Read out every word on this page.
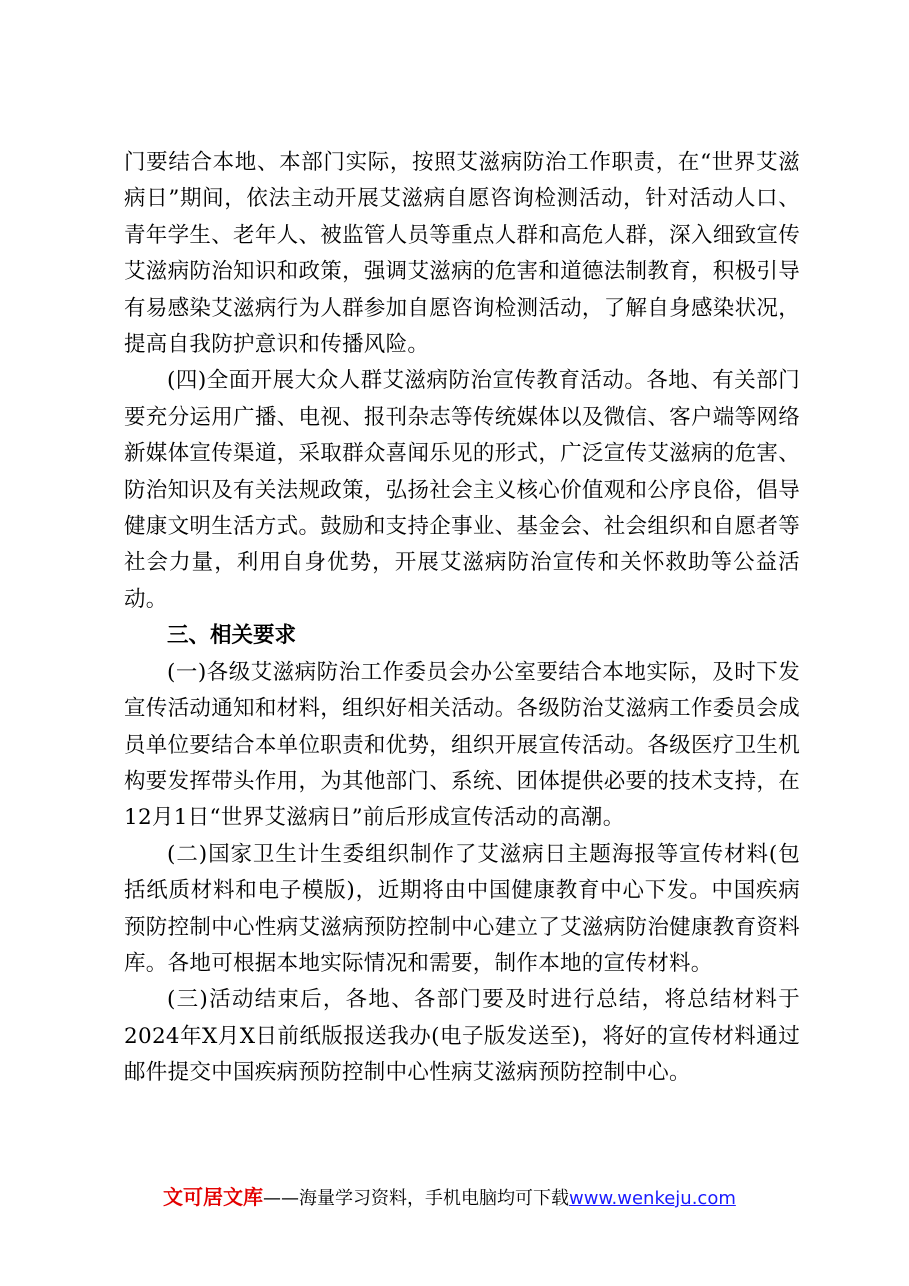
门要结合本地、本部门实际，按照艾滋病防治工作职责，在“世界艾滋病日”期间，依法主动开展艾滋病自愿咨询检测活动，针对活动人口、青年学生、老年人、被监管人员等重点人群和高危人群，深入细致宣传艾滋病防治知识和政策，强调艾滋病的危害和道德法制教育，积极引导有易感染艾滋病行为人群参加自愿咨询检测活动，了解自身感染状况，提高自我防护意识和传播风险。

(四)全面开展大众人群艾滋病防治宣传教育活动。各地、有关部门要充分运用广播、电视、报刊杂志等传统媒体以及微信、客户端等网络新媒体宣传渠道，采取群众喜闻乐见的形式，广泛宣传艾滋病的危害、防治知识及有关法规政策，弘扬社会主义核心价值观和公序良俗，倡导健康文明生活方式。鼓励和支持企事业、基金会、社会组织和自愿者等社会力量，利用自身优势，开展艾滋病防治宣传和关怀救助等公益活动。

三、相关要求

(一)各级艾滋病防治工作委员会办公室要结合本地实际，及时下发宣传活动通知和材料，组织好相关活动。各级防治艾滋病工作委员会成员单位要结合本单位职责和优势，组织开展宣传活动。各级医疗卫生机构要发挥带头作用，为其他部门、系统、团体提供必要的技术支持，在12月1日“世界艾滋病日”前后形成宣传活动的高潮。

(二)国家卫生计生委组织制作了艾滋病日主题海报等宣传材料(包括纸质材料和电子模版)，近期将由中国健康教育中心下发。中国疾病预防控制中心性病艾滋病预防控制中心建立了艾滋病防治健康教育资料库。各地可根据本地实际情况和需要，制作本地的宣传材料。

(三)活动结束后，各地、各部门要及时进行总结，将总结材料于2024年X月X日前纸版报送我办(电子版发送至)，将好的宣传材料通过邮件提交中国疾病预防控制中心性病艾滋病预防控制中心。

文可居文库——海量学习资料，手机电脑均可下载www.wenkeju.com
